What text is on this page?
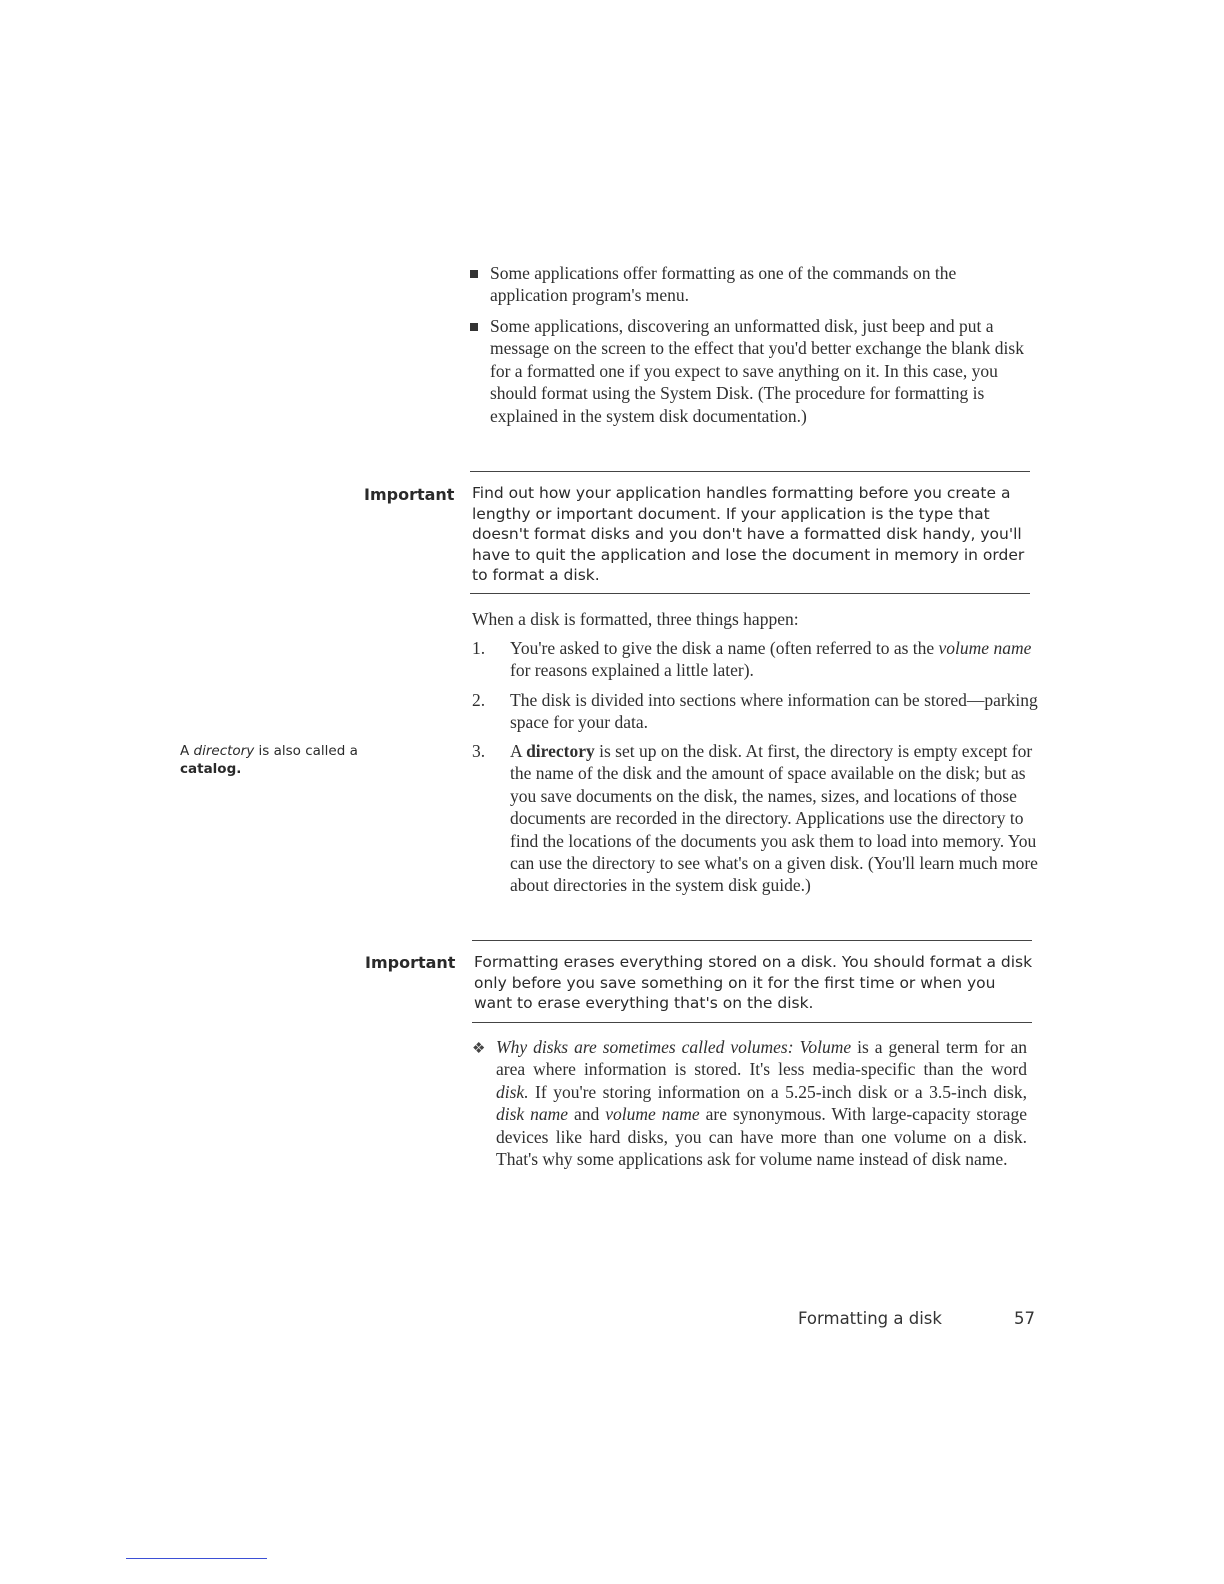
Some applications offer formatting as one of the commands on the application program's menu.
Some applications, discovering an unformatted disk, just beep and put a message on the screen to the effect that you'd better exchange the blank disk for a formatted one if you expect to save anything on it. In this case, you should format using the System Disk. (The procedure for formatting is explained in the system disk documentation.)
Important Find out how your application handles formatting before you create a lengthy or important document. If your application is the type that doesn't format disks and you don't have a formatted disk handy, you'll have to quit the application and lose the document in memory in order to format a disk.
When a disk is formatted, three things happen:
1. You're asked to give the disk a name (often referred to as the volume name for reasons explained a little later).
2. The disk is divided into sections where information can be stored—parking space for your data.
3. A directory is set up on the disk. At first, the directory is empty except for the name of the disk and the amount of space available on the disk; but as you save documents on the disk, the names, sizes, and locations of those documents are recorded in the directory. Applications use the directory to find the locations of the documents you ask them to load into memory. You can use the directory to see what's on a given disk. (You'll learn much more about directories in the system disk guide.)
A directory is also called a catalog.
Important Formatting erases everything stored on a disk. You should format a disk only before you save something on it for the first time or when you want to erase everything that's on the disk.
❖ Why disks are sometimes called volumes: Volume is a general term for an area where information is stored. It's less media-specific than the word disk. If you're storing information on a 5.25-inch disk or a 3.5-inch disk, disk name and volume name are synonymous. With large-capacity storage devices like hard disks, you can have more than one volume on a disk. That's why some applications ask for volume name instead of disk name.
Formatting a disk	57
